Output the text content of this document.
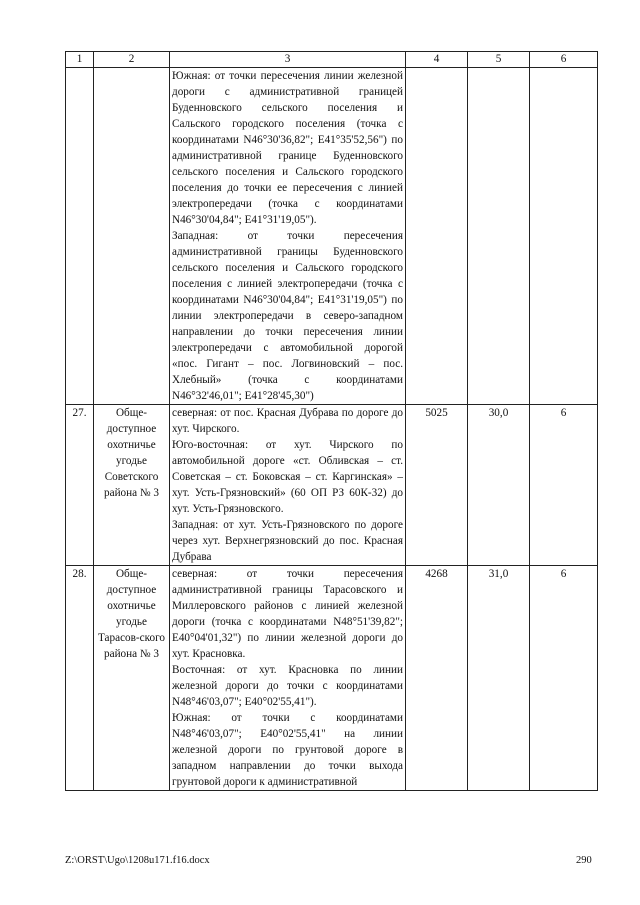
1	2	3	4	5	6

		Южная: от точки пересечения линии железной дороги с административной границей Буденновского сельского поселения и Сальского городского поселения (точка с координатами N46°30'36,82"; E41°35'52,56") по административной границе Буденновского сельского поселения и Сальского городского поселения до точки ее пересечения с линией электропередачи (точка с координатами N46°30'04,84"; E41°31'19,05").
Западная: от точки пересечения административной границы Буденновского сельского поселения и Сальского городского поселения с линией электропередачи (точка с координатами N46°30'04,84"; E41°31'19,05") по линии электропередачи в северо-западном направлении до точки пересечения линии электропередачи с автомобильной дорогой «пос. Гигант – пос. Логвиновский – пос. Хлебный» (точка с координатами N46°32'46,01"; E41°28'45,30")			

27.	Обще-доступное охотничье угодье Советского района № 3	северная: от пос. Красная Дубрава по дороге до хут. Чирского.
Юго-восточная: от хут. Чирского по автомобильной дороге «ст. Обливская – ст. Советская – ст. Боковская – ст. Каргинская» – хут. Усть-Грязновский» (60 ОП РЗ 60К-32) до хут. Усть-Грязновского.
Западная: от хут. Усть-Грязновского по дороге через хут. Верхнегрязновский до пос. Красная Дубрава	5025	30,0	6
28.	Обще-доступное охотничье угодье Тарасов-ского района № 3	северная: от точки пересечения административной границы Тарасовского и Миллеровского районов с линией железной дороги (точка с координатами N48°51'39,82"; E40°04'01,32") по линии железной дороги до хут. Красновка.
Восточная: от хут. Красновка по линии железной дороги до точки с координатами N48°46'03,07"; E40°02'55,41").
Южная: от точки с координатами N48°46'03,07"; E40°02'55,41" на линии железной дороги по грунтовой дороге в западном направлении до точки выхода грунтовой дороги к административной	4268	31,0	6
Z:\ORST\Ugo\1208u171.f16.docx	290
